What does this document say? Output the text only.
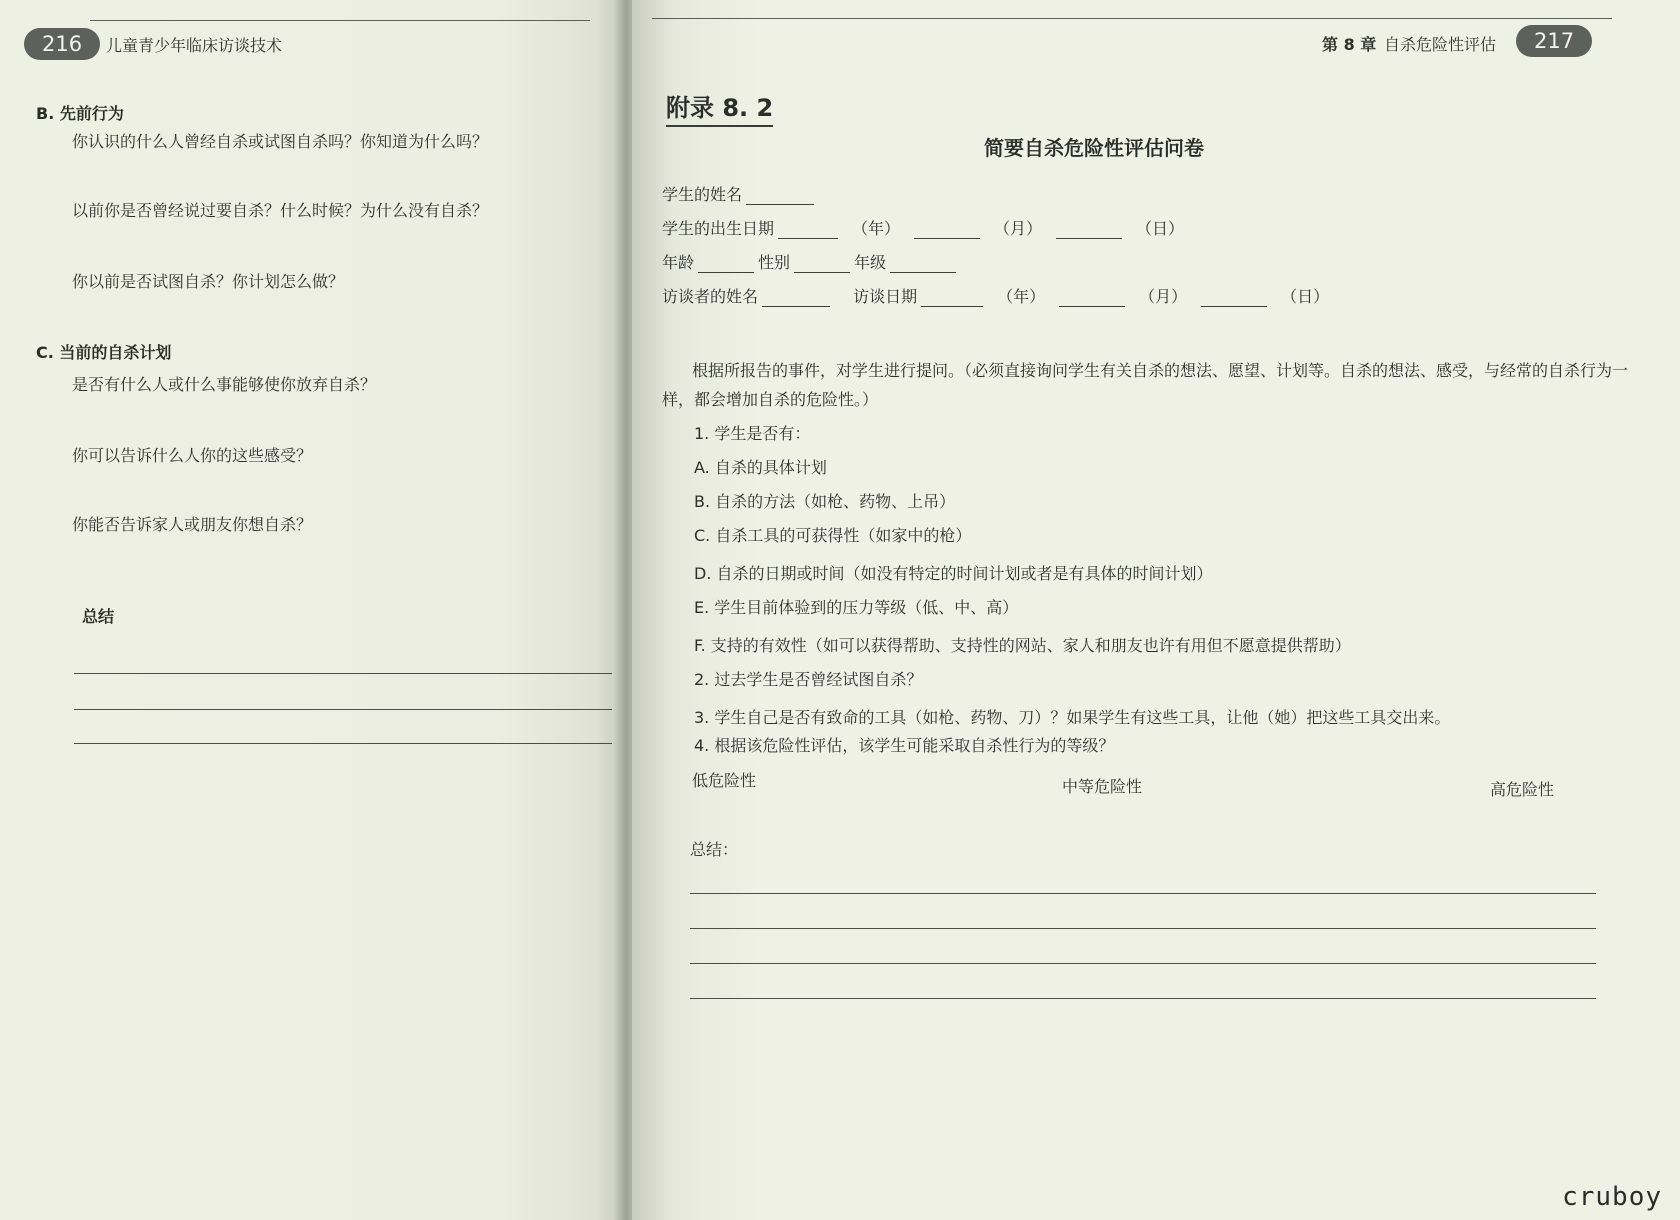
216	儿童青少年临床访谈技术
B. 先前行为
你认识的什么人曾经自杀或试图自杀吗？你知道为什么吗？
以前你是否曾经说过要自杀？什么时候？为什么没有自杀？
你以前是否试图自杀？你计划怎么做？
C. 当前的自杀计划
是否有什么人或什么事能够使你放弃自杀？
你可以告诉什么人你的这些感受？
你能否告诉家人或朋友你想自杀？
总结
第 8 章 自杀危险性评估	217
附录 8. 2
简要自杀危险性评估问卷
学生的姓名
学生的出生日期	（年）	（月）	（日）
年龄	性别	年级
访谈者的姓名	访谈日期	（年）	（月）	（日）
根据所报告的事件，对学生进行提问。（必须直接询问学生有关自杀的想法、愿望、计划等。自杀的想法、感受，与经常的自杀行为一样，都会增加自杀的危险性。）
1. 学生是否有：
A. 自杀的具体计划
B. 自杀的方法（如枪、药物、上吊）
C. 自杀工具的可获得性（如家中的枪）
D. 自杀的日期或时间（如没有特定的时间计划或者是有具体的时间计划）
E. 学生目前体验到的压力等级（低、中、高）
F. 支持的有效性（如可以获得帮助、支持性的网站、家人和朋友也许有用但不愿意提供帮助）
2. 过去学生是否曾经试图自杀？
3. 学生自己是否有致命的工具（如枪、药物、刀）？如果学生有这些工具，让他（她）把这些工具交出来。
4. 根据该危险性评估，该学生可能采取自杀性行为的等级？
低危险性	中等危险性	高危险性
总结：
cruboy
